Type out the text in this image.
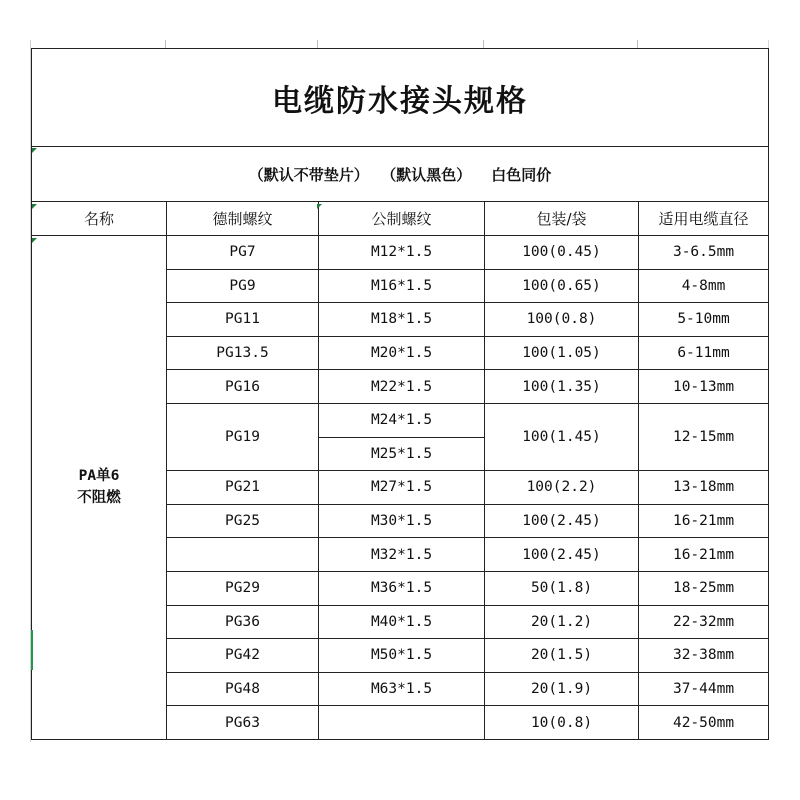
电缆防水接头规格				
（默认不带垫片） （默认黑色） 白色同价				
名称	德制螺纹	公制螺纹	包装/袋	适用电缆直径

PA单6
不阻燃	PG7	M12*1.5	100(0.45)	3-6.5mm
	PG9	M16*1.5	100(0.65)	4-8mm
	PG11	M18*1.5	100(0.8)	5-10mm
	PG13.5	M20*1.5	100(1.05)	6-11mm
	PG16	M22*1.5	100(1.35)	10-13mm
	PG19	M24*1.5	100(1.45)	12-15mm
		M25*1.5		
	PG21	M27*1.5	100(2.2)	13-18mm
	PG25	M30*1.5	100(2.45)	16-21mm
		M32*1.5	100(2.45)	16-21mm
	PG29	M36*1.5	50(1.8)	18-25mm
	PG36	M40*1.5	20(1.2)	22-32mm
	PG42	M50*1.5	20(1.5)	32-38mm
	PG48	M63*1.5	20(1.9)	37-44mm
	PG63		10(0.8)	42-50mm
